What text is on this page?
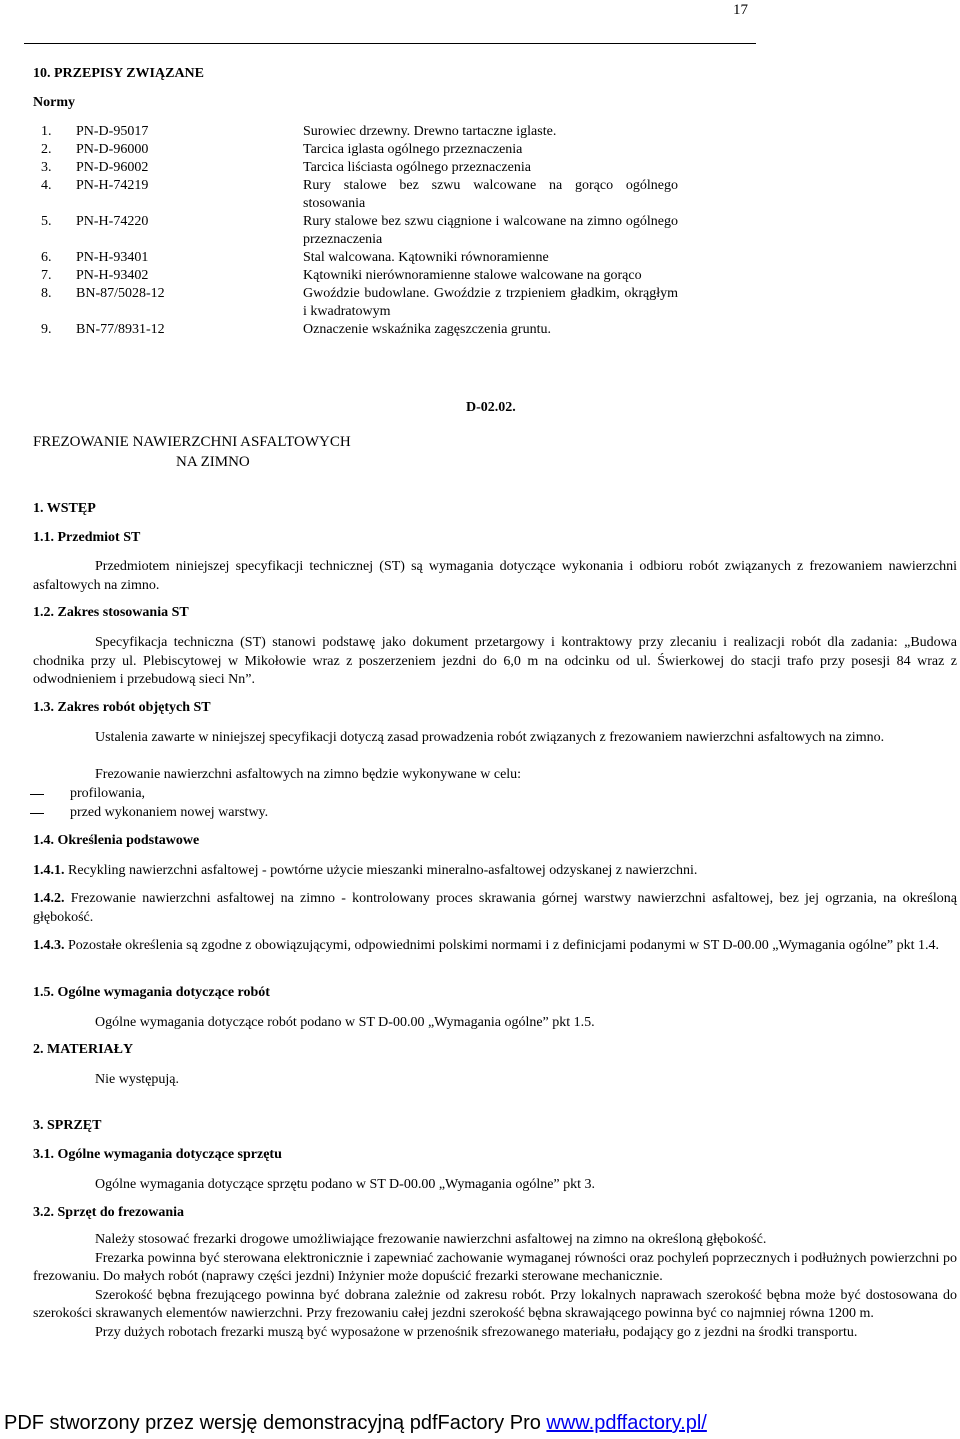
17
10. PRZEPISY ZWIĄZANE
Normy
1. PN-D-95017	Surowiec drzewny. Drewno tartaczne iglaste.
2. PN-D-96000	Tarcica iglasta ogólnego przeznaczenia
3. PN-D-96002	Tarcica liściasta ogólnego przeznaczenia
4. PN-H-74219	Rury stalowe bez szwu walcowane na gorąco ogólnego stosowania
5. PN-H-74220	Rury stalowe bez szwu ciągnione i walcowane na zimno ogólnego przeznaczenia
6. PN-H-93401	Stal walcowana. Kątowniki równoramienne
7. PN-H-93402	Kątowniki nierównoramienne stalowe walcowane na gorąco
8. BN-87/5028-12	Gwoździe budowlane. Gwoździe z trzpieniem gładkim, okrągłym i kwadratowym
9. BN-77/8931-12	Oznaczenie wskaźnika zagęszczenia gruntu.
D-02.02.
FREZOWANIE NAWIERZCHNI ASFALTOWYCH
NA ZIMNO
1. WSTĘP
1.1. Przedmiot ST
Przedmiotem niniejszej specyfikacji technicznej (ST) są wymagania dotyczące wykonania i odbioru robót związanych z frezowaniem nawierzchni asfaltowych na zimno.
1.2. Zakres stosowania ST
Specyfikacja techniczna (ST) stanowi podstawę jako dokument przetargowy i kontraktowy przy zlecaniu i realizacji robót dla zadania: „Budowa chodnika przy ul. Plebiscytowej w Mikołowie wraz z poszerzeniem jezdni do 6,0 m na odcinku od ul. Świerkowej do stacji trafo przy posesji 84 wraz z odwodnieniem i przebudową sieci Nn”.
1.3. Zakres robót objętych ST
Ustalenia zawarte w niniejszej specyfikacji dotyczą zasad prowadzenia robót związanych z frezowaniem nawierzchni asfaltowych na zimno.
Frezowanie nawierzchni asfaltowych na zimno będzie wykonywane w celu:
profilowania,
przed wykonaniem nowej warstwy.
1.4. Określenia podstawowe
1.4.1. Recykling nawierzchni asfaltowej - powtórne użycie mieszanki mineralno-asfaltowej odzyskanej z nawierzchni.
1.4.2. Frezowanie nawierzchni asfaltowej na zimno - kontrolowany proces skrawania górnej warstwy nawierzchni asfaltowej, bez jej ogrzania, na określoną głębokość.
1.4.3. Pozostałe określenia są zgodne z obowiązującymi, odpowiednimi polskimi normami i z definicjami podanymi w ST D-00.00 „Wymagania ogólne” pkt 1.4.
1.5. Ogólne wymagania dotyczące robót
Ogólne wymagania dotyczące robót podano w ST D-00.00 „Wymagania ogólne” pkt 1.5.
2. MATERIAŁY
Nie występują.
3. SPRZĘT
3.1. Ogólne wymagania dotyczące sprzętu
Ogólne wymagania dotyczące sprzętu podano w ST D-00.00 „Wymagania ogólne” pkt 3.
3.2. Sprzęt do frezowania
Należy stosować frezarki drogowe umożliwiające frezowanie nawierzchni asfaltowej na zimno na określoną głębokość.
Frezarka powinna być sterowana elektronicznie i zapewniać zachowanie wymaganej równości oraz pochyleń poprzecznych i podłużnych powierzchni po frezowaniu. Do małych robót (naprawy części jezdni) Inżynier może dopuścić frezarki sterowane mechanicznie.
Szerokość bębna frezującego powinna być dobrana zależnie od zakresu robót. Przy lokalnych naprawach szerokość bębna może być dostosowana do szerokości skrawanych elementów nawierzchni. Przy frezowaniu całej jezdni szerokość bębna skrawającego powinna być co najmniej równa 1200 m.
Przy dużych robotach frezarki muszą być wyposażone w przenośnik sfrezowanego materiału, podający go z jezdni na środki transportu.
PDF stworzony przez wersję demonstracyjną pdfFactory Pro www.pdffactory.pl/
